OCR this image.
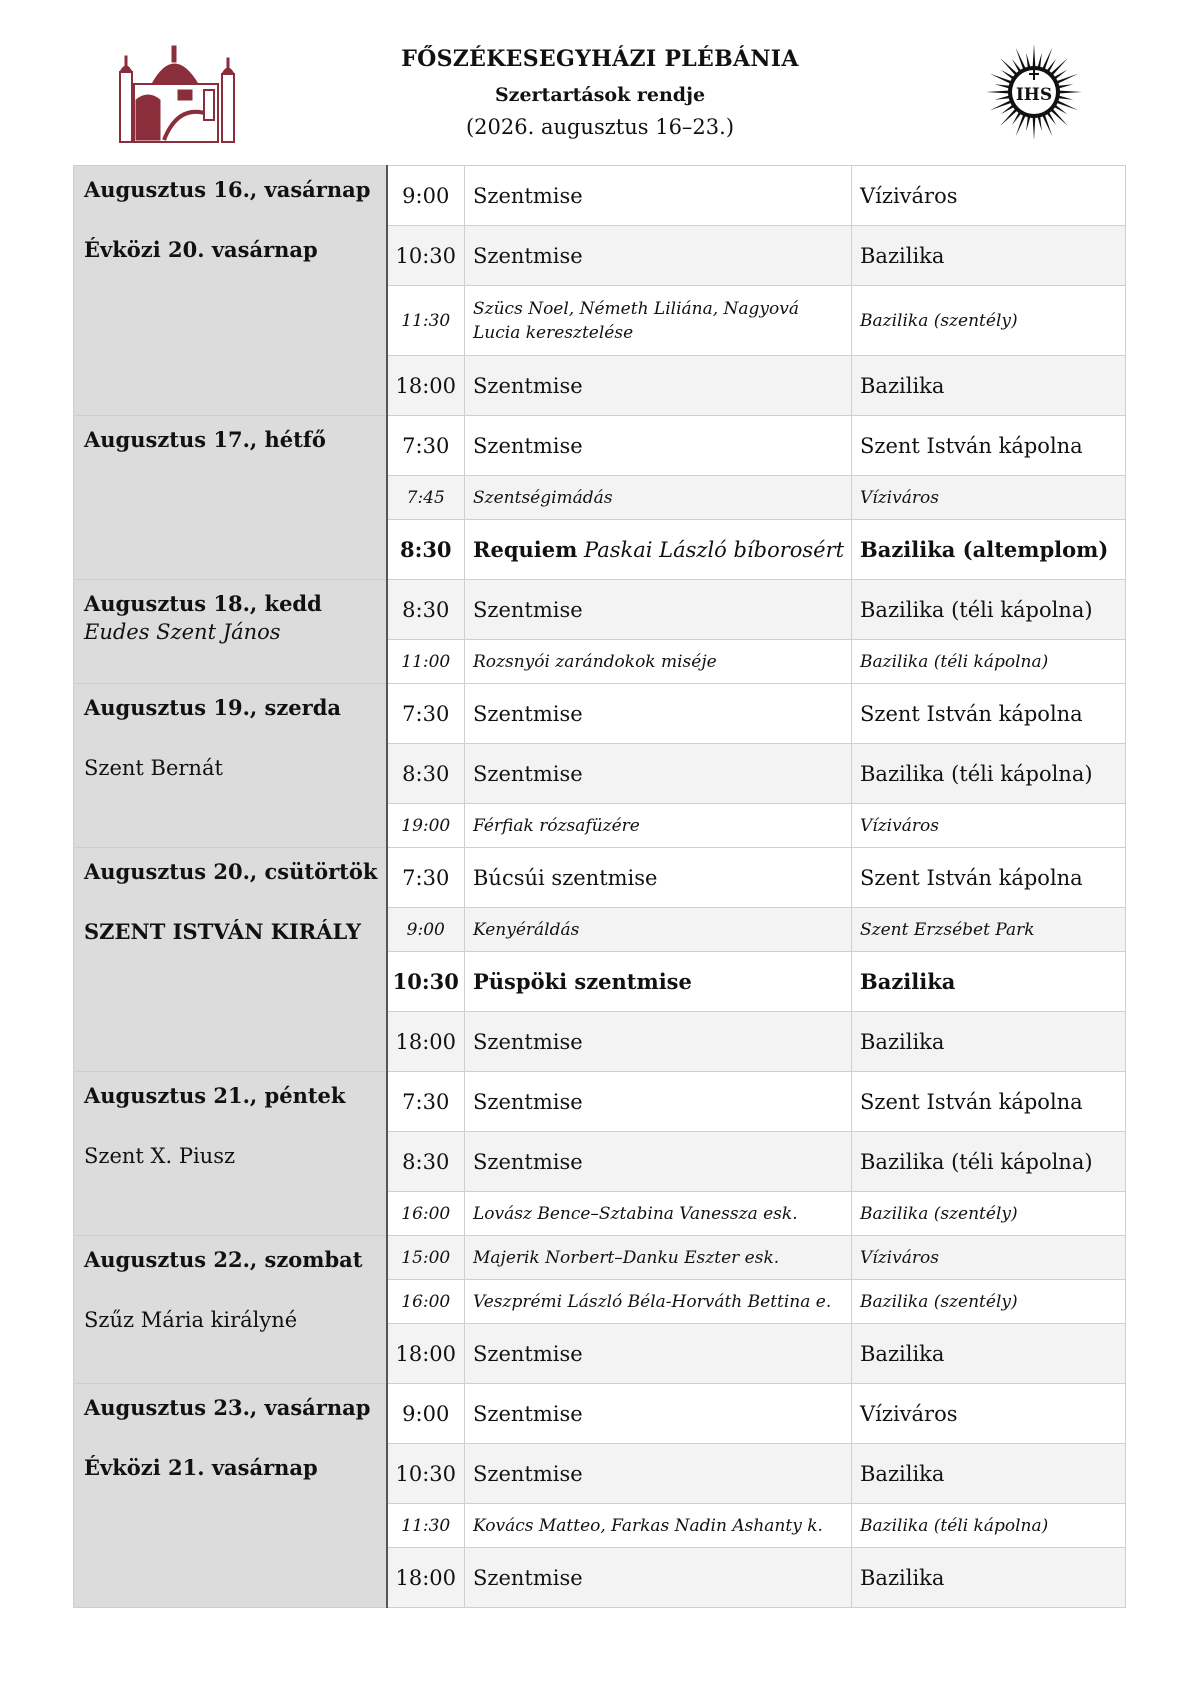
FŐSZÉKESEGYHÁZI PLÉBÁNIA
Szertartások rendje
(2026. augusztus 16–23.)
IHS
Augusztus 16., vasárnap
Évközi 20. vasárnap	9:00	Szentmise	Víziváros
	10:30	Szentmise	Bazilika
	11:30	Szücs Noel, Németh Liliána, Nagyová Lucia keresztelése	Bazilika (szentély)
	18:00	Szentmise	Bazilika

Augusztus 17., hétfő	7:30	Szentmise	Szent István kápolna
	7:45	Szentségimádás	Víziváros
	8:30	Requiem Paskai László bíborosért	Bazilika (altemplom)

Augusztus 18., kedd
Eudes Szent János	8:30	Szentmise	Bazilika (téli kápolna)
	11:00	Rozsnyói zarándokok miséje	Bazilika (téli kápolna)

Augusztus 19., szerda
Szent Bernát	7:30	Szentmise	Szent István kápolna
	8:30	Szentmise	Bazilika (téli kápolna)
	19:00	Férfiak rózsafüzére	Víziváros

Augusztus 20., csütörtök
SZENT ISTVÁN KIRÁLY	7:30	Búcsúi szentmise	Szent István kápolna
	9:00	Kenyéráldás	Szent Erzsébet Park
	10:30	Püspöki szentmise	Bazilika
	18:00	Szentmise	Bazilika

Augusztus 21., péntek
Szent X. Piusz	7:30	Szentmise	Szent István kápolna
	8:30	Szentmise	Bazilika (téli kápolna)
	16:00	Lovász Bence–Sztabina Vanessza esk.	Bazilika (szentély)

Augusztus 22., szombat
Szűz Mária királyné	15:00	Majerik Norbert–Danku Eszter esk.	Víziváros
	16:00	Veszprémi László Béla-Horváth Bettina e.	Bazilika (szentély)
	18:00	Szentmise	Bazilika

Augusztus 23., vasárnap
Évközi 21. vasárnap	9:00	Szentmise	Víziváros
	10:30	Szentmise	Bazilika
	11:30	Kovács Matteo, Farkas Nadin Ashanty k.	Bazilika (téli kápolna)
	18:00	Szentmise	Bazilika
